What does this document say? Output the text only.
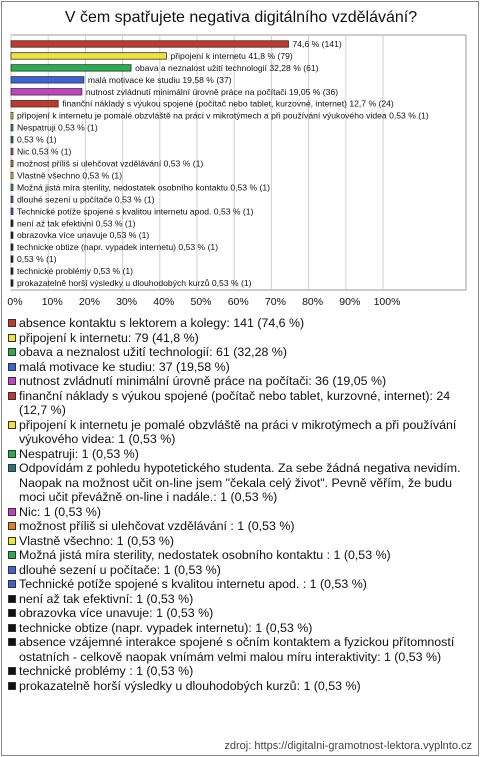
V čem spatřujete negativa digitálního vzdělávání?
0% 10% 20% 30% 40% 50% 60% 70% 80% 90% 100%
74,6 % (141)
připojení k internetu 41,8 % (79)
obava a neznalost užití technologií 32,28 % (61)
malá motivace ke studiu 19,58 % (37)
nutnost zvládnutí minimální úrovně práce na počítači 19,05 % (36)
finanční náklady s výukou spojené (počítač nebo tablet, kurzovné, internet) 12,7 % (24)
připojení k internetu je pomalé obzvláště na práci v mikrotýmech a při používání výukového videa 0,53 % (1)
Nespatruji 0,53 % (1)
0,53 % (1)
Nic 0,53 % (1)
možnost příliš si ulehčovat vzdělávání 0,53 % (1)
Vlastně všechno 0,53 % (1)
Možná jistá míra sterility, nedostatek osobního kontaktu 0,53 % (1)
dlouhé sezení u počítače 0,53 % (1)
Technické potíže spojené s kvalitou internetu apod. 0,53 % (1)
není až tak efektivní 0,53 % (1)
obrazovka více unavuje 0,53 % (1)
technicke obtize (napr. vypadek internetu) 0,53 % (1)
0,53 % (1)
technické problémy 0,53 % (1)
prokazatelně horší výsledky u dlouhodobých kurzů 0,53 % (1)
absence kontaktu s lektorem a kolegy: 141 (74,6 %)
připojení k internetu: 79 (41,8 %)
obava a neznalost užití technologií: 61 (32,28 %)
malá motivace ke studiu: 37 (19,58 %)
nutnost zvládnutí minimální úrovně práce na počítači: 36 (19,05 %)
finanční náklady s výukou spojené (počítač nebo tablet, kurzovné, internet): 24 (12,7 %)
připojení k internetu je pomalé obzvláště na práci v mikrotýmech a při používání výukového videa: 1 (0,53 %)
Nespatruji: 1 (0,53 %)
Odpovídám z pohledu hypotetického studenta. Za sebe žádná negativa nevidím. Naopak na možnost učit on-line jsem "čekala celý život". Pevně věřím, že budu moci učit převážně on-line i nadále.: 1 (0,53 %)
Nic: 1 (0,53 %)
možnost příliš si ulehčovat vzdělávání : 1 (0,53 %)
Vlastně všechno: 1 (0,53 %)
Možná jistá míra sterility, nedostatek osobního kontaktu : 1 (0,53 %)
dlouhé sezení u počítače: 1 (0,53 %)
Technické potíže spojené s kvalitou internetu apod. : 1 (0,53 %)
není až tak efektivní: 1 (0,53 %)
obrazovka více unavuje: 1 (0,53 %)
technicke obtize (napr. vypadek internetu): 1 (0,53 %)
absence vzájemné interakce spojené s očním kontaktem a fyzickou přítomností ostatních - celkově naopak vnímám velmi malou míru interaktivity: 1 (0,53 %)
technické problémy : 1 (0,53 %)
prokazatelně horší výsledky u dlouhodobých kurzů: 1 (0,53 %)
zdroj: https://digitalni-gramotnost-lektora.vyplnto.cz
